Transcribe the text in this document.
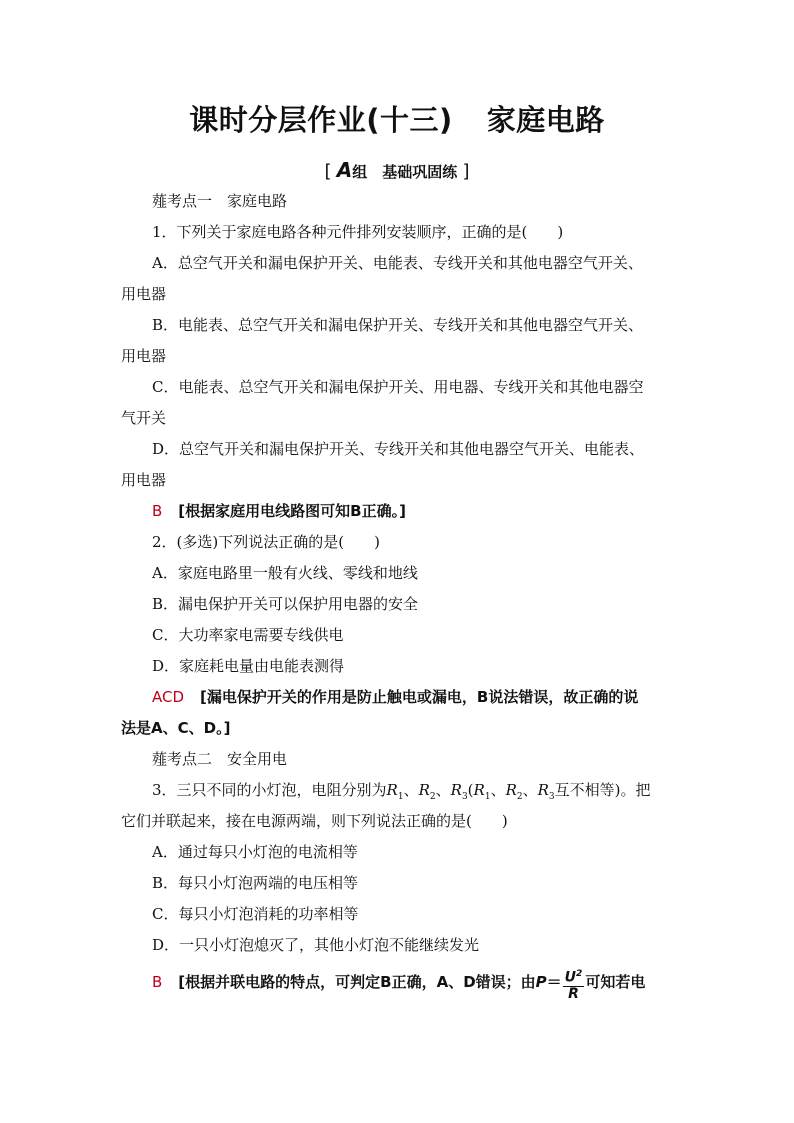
课时分层作业(十三) 家庭电路
[ A组　基础巩固练 ]
薤考点一　家庭电路
1．下列关于家庭电路各种元件排列安装顺序，正确的是(　　)
A．总空气开关和漏电保护开关、电能表、专线开关和其他电器空气开关、
用电器
B．电能表、总空气开关和漏电保护开关、专线开关和其他电器空气开关、
用电器
C．电能表、总空气开关和漏电保护开关、用电器、专线开关和其他电器空
气开关
D．总空气开关和漏电保护开关、专线开关和其他电器空气开关、电能表、
用电器
B [根据家庭用电线路图可知B正确。]
2．(多选)下列说法正确的是(　　)
A．家庭电路里一般有火线、零线和地线
B．漏电保护开关可以保护用电器的安全
C．大功率家电需要专线供电
D．家庭耗电量由电能表测得
ACD [漏电保护开关的作用是防止触电或漏电，B说法错误，故正确的说
法是A、C、D。]
薤考点二　安全用电
3．三只不同的小灯泡，电阻分别为$R_1$、$R_2$、$R_3(R_1$、$R_2$、$R_3$互不相等)。把
它们并联起来，接在电源两端，则下列说法正确的是(　　)
A．通过每只小灯泡的电流相等
B．每只小灯泡两端的电压相等
C．每只小灯泡消耗的功率相等
D．一只小灯泡熄灭了，其他小灯泡不能继续发光
B [根据并联电路的特点，可判定B正确，A、D错误；由$P= \frac{U^2}{R}$ 可知若电
